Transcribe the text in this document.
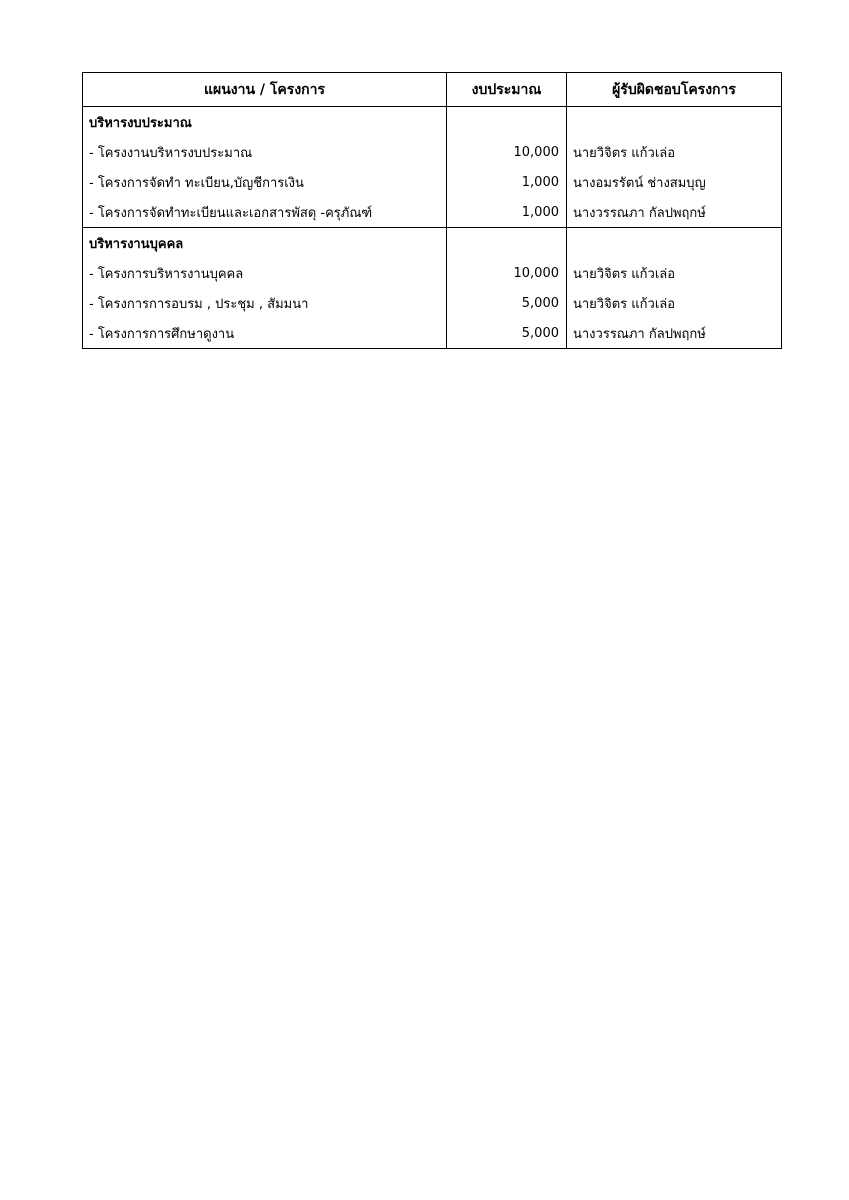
แผนงาน / โครงการ	งบประมาณ	ผู้รับผิดชอบโครงการ
บริหารงบประมาณ		
- โครงงานบริหารงบประมาณ	10,000	นายวิจิตร แก้วเล่อ
- โครงการจัดทำ ทะเบียน,บัญชีการเงิน	1,000	นางอมรรัตน์ ช่างสมบุญ
- โครงการจัดทำทะเบียนและเอกสารพัสดุ -ครุภัณฑ์	1,000	นางวรรณภา กัลปพฤกษ์
บริหารงานบุคคล		
- โครงการบริหารงานบุคคล	10,000	นายวิจิตร แก้วเล่อ
- โครงการการอบรม , ประชุม , สัมมนา	5,000	นายวิจิตร แก้วเล่อ
- โครงการการศึกษาดูงาน	5,000	นางวรรณภา กัลปพฤกษ์
